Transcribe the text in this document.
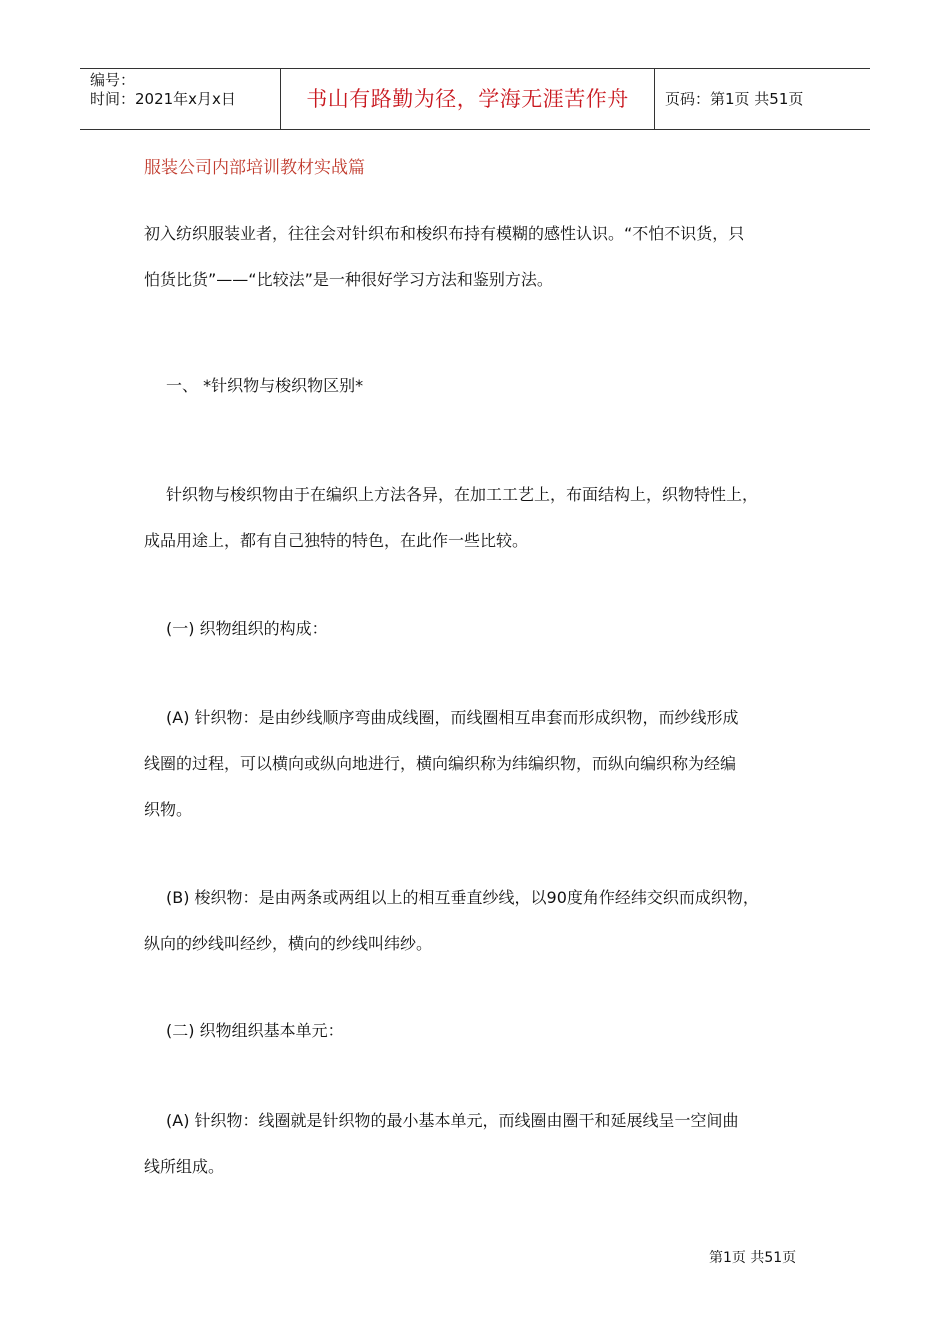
编号：
时间：2021年x月x日	书山有路勤为径，学海无涯苦作舟	页码：第1页 共51页
服装公司内部培训教材实战篇
初入纺织服装业者，往往会对针织布和梭织布持有模糊的感性认识。“不怕不识货，只
怕货比货”——“比较法”是一种很好学习方法和鉴别方法。
一、 *针织物与梭织物区别*
针织物与梭织物由于在编织上方法各异，在加工工艺上，布面结构上，织物特性上，
成品用途上，都有自己独特的特色，在此作一些比较。
(一) 织物组织的构成：
(A) 针织物：是由纱线顺序弯曲成线圈，而线圈相互串套而形成织物，而纱线形成
线圈的过程，可以横向或纵向地进行，横向编织称为纬编织物，而纵向编织称为经编
织物。
(B) 梭织物：是由两条或两组以上的相互垂直纱线，以90度角作经纬交织而成织物，
纵向的纱线叫经纱，横向的纱线叫纬纱。
(二) 织物组织基本单元：
(A) 针织物：线圈就是针织物的最小基本单元，而线圈由圈干和延展线呈一空间曲
线所组成。
第1页 共51页
